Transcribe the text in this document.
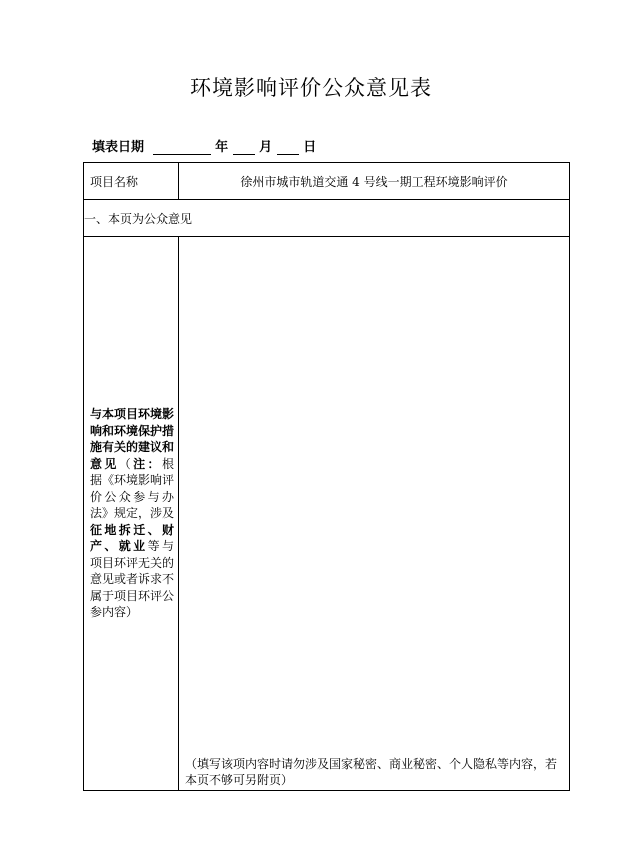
环境影响评价公众意见表
填表日期	年 月 日
项目名称	徐州市城市轨道交通 4 号线一期工程环境影响评价
一、本页为公众意见	

与本项目环境影响和环境保护措施有关的建议和意见（注：根据《环境影响评价公众参与办法》规定，涉及征地拆迁、财产、就业等与项目环评无关的意见或者诉求不属于项目环评公参内容）	（填写该项内容时请勿涉及国家秘密、商业秘密、个人隐私等内容，若本页不够可另附页）
